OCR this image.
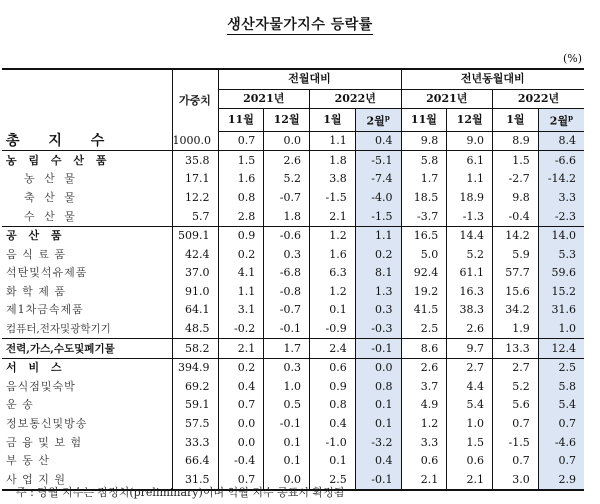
생산자물가지수 등락률
(%)
	가중치	전월대비				전년동월대비			
		2021년		2022년		2021년		2022년	
		11월	12월	1월	2월$^p$	11월	12월	1월	2월$^p$
총 지 수	1000.0	0.7	0.0	1.1	0.4	9.8	9.0	8.9	8.4
농 림 수 산 품	35.8	1.5	2.6	1.8	-5.1	5.8	6.1	1.5	-6.6
농 산 물	17.1	1.6	5.2	3.8	-7.4	1.7	1.1	-2.7	-14.2
축 산 물	12.2	0.8	-0.7	-1.5	-4.0	18.5	18.9	9.8	3.3
수 산 물	5.7	2.8	1.8	2.1	-1.5	-3.7	-1.3	-0.4	-2.3
공 산 품	509.1	0.9	-0.6	1.2	1.1	16.5	14.4	14.2	14.0
음 식 료 품	42.4	0.2	0.3	1.6	0.2	5.0	5.2	5.9	5.3
석탄및석유제품	37.0	4.1	-6.8	6.3	8.1	92.4	61.1	57.7	59.6
화 학 제 품	91.0	1.1	-0.8	1.2	1.3	19.2	16.3	15.6	15.2
제1차금속제품	64.1	3.1	-0.7	0.1	0.3	41.5	38.3	34.2	31.6
컴퓨터,전자및광학기기	48.5	-0.2	-0.1	-0.9	-0.3	2.5	2.6	1.9	1.0
전력,가스,수도및폐기물	58.2	2.1	1.7	2.4	-0.1	8.6	9.7	13.3	12.4
서 비 스	394.9	0.2	0.3	0.6	0.0	2.6	2.7	2.7	2.5
음식점및숙박	69.2	0.4	1.0	0.9	0.8	3.7	4.4	5.2	5.8
운 송	59.1	0.7	0.5	0.8	0.1	4.9	5.4	5.6	5.4
정보통신및방송	57.5	0.0	-0.1	0.4	0.1	1.2	1.0	0.7	0.7
금 융 및 보 험	33.3	0.0	0.1	-1.0	-3.2	3.3	1.5	-1.5	-4.6
부 동 산	66.4	-0.4	0.1	0.1	0.4	0.6	0.6	0.7	0.7
사 업 지 원	31.5	0.7	0.0	2.5	-0.1	2.1	2.1	3.0	2.9
주 : 당월 지수는 잠정치(preliminary)이며 익월 지수 공표시 확정됨
